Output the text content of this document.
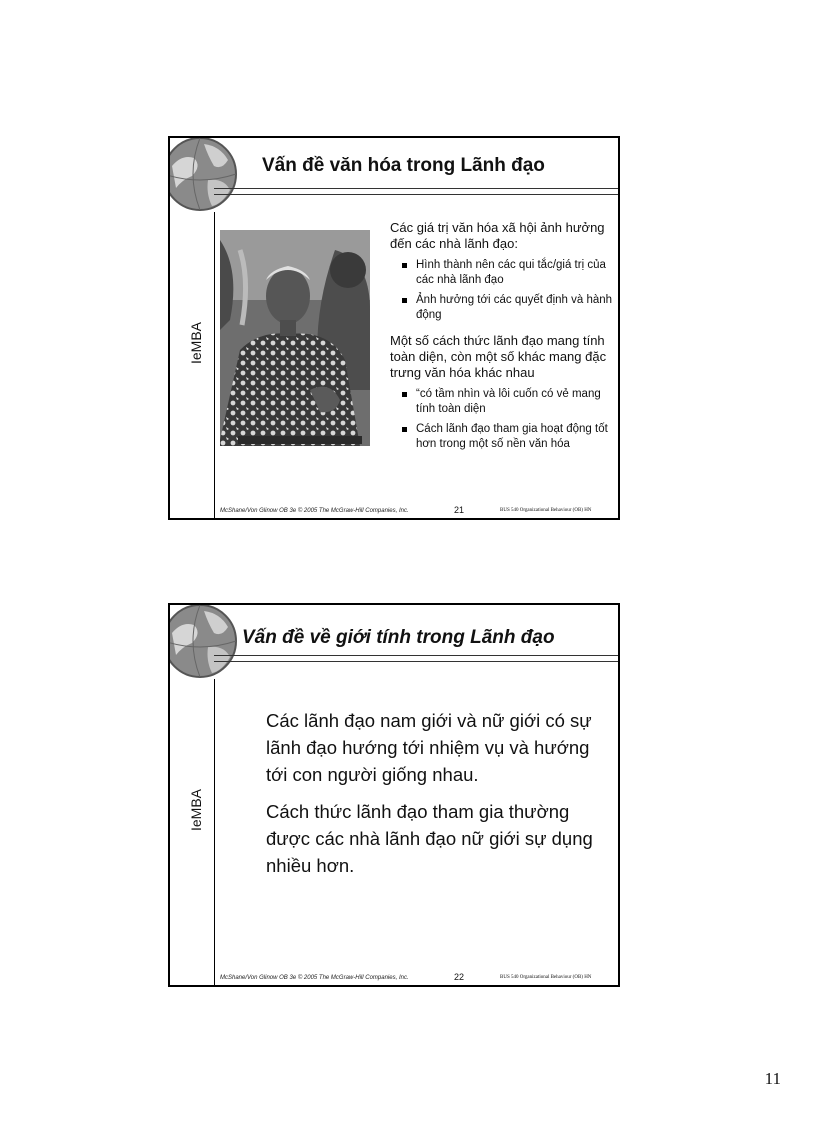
IeMBA
Vấn đề văn hóa trong Lãnh đạo

Các giá trị văn hóa xã hội ảnh hưởng đến các nhà lãnh đạo:

Hình thành nên các qui tắc/giá trị của các nhà lãnh đạo
Ảnh hưởng tới các quyết định và hành động

Một số cách thức lãnh đạo mang tính toàn diện, còn một số khác mang đặc trưng văn hóa khác nhau

“có tầm nhìn và lôi cuốn có vẻ mang tính toàn diện
Cách lãnh đạo tham gia hoạt động tốt hơn trong một số nền văn hóa
McShane/Von Glinow OB 3e © 2005 The McGraw-Hill Companies, Inc.	21	BUS 540 Organizational Behaviour (OB) HN
IeMBA
Vấn đề về giới tính trong Lãnh đạo

Các lãnh đạo nam giới và nữ giới có sự lãnh đạo hướng tới nhiệm vụ và hướng tới con người giống nhau.

Cách thức lãnh đạo tham gia thường được các nhà lãnh đạo nữ giới sự dụng nhiều hơn.

McShane/Von Glinow OB 3e © 2005 The McGraw-Hill Companies, Inc.	22	BUS 540 Organizational Behaviour (OB) HN
11
